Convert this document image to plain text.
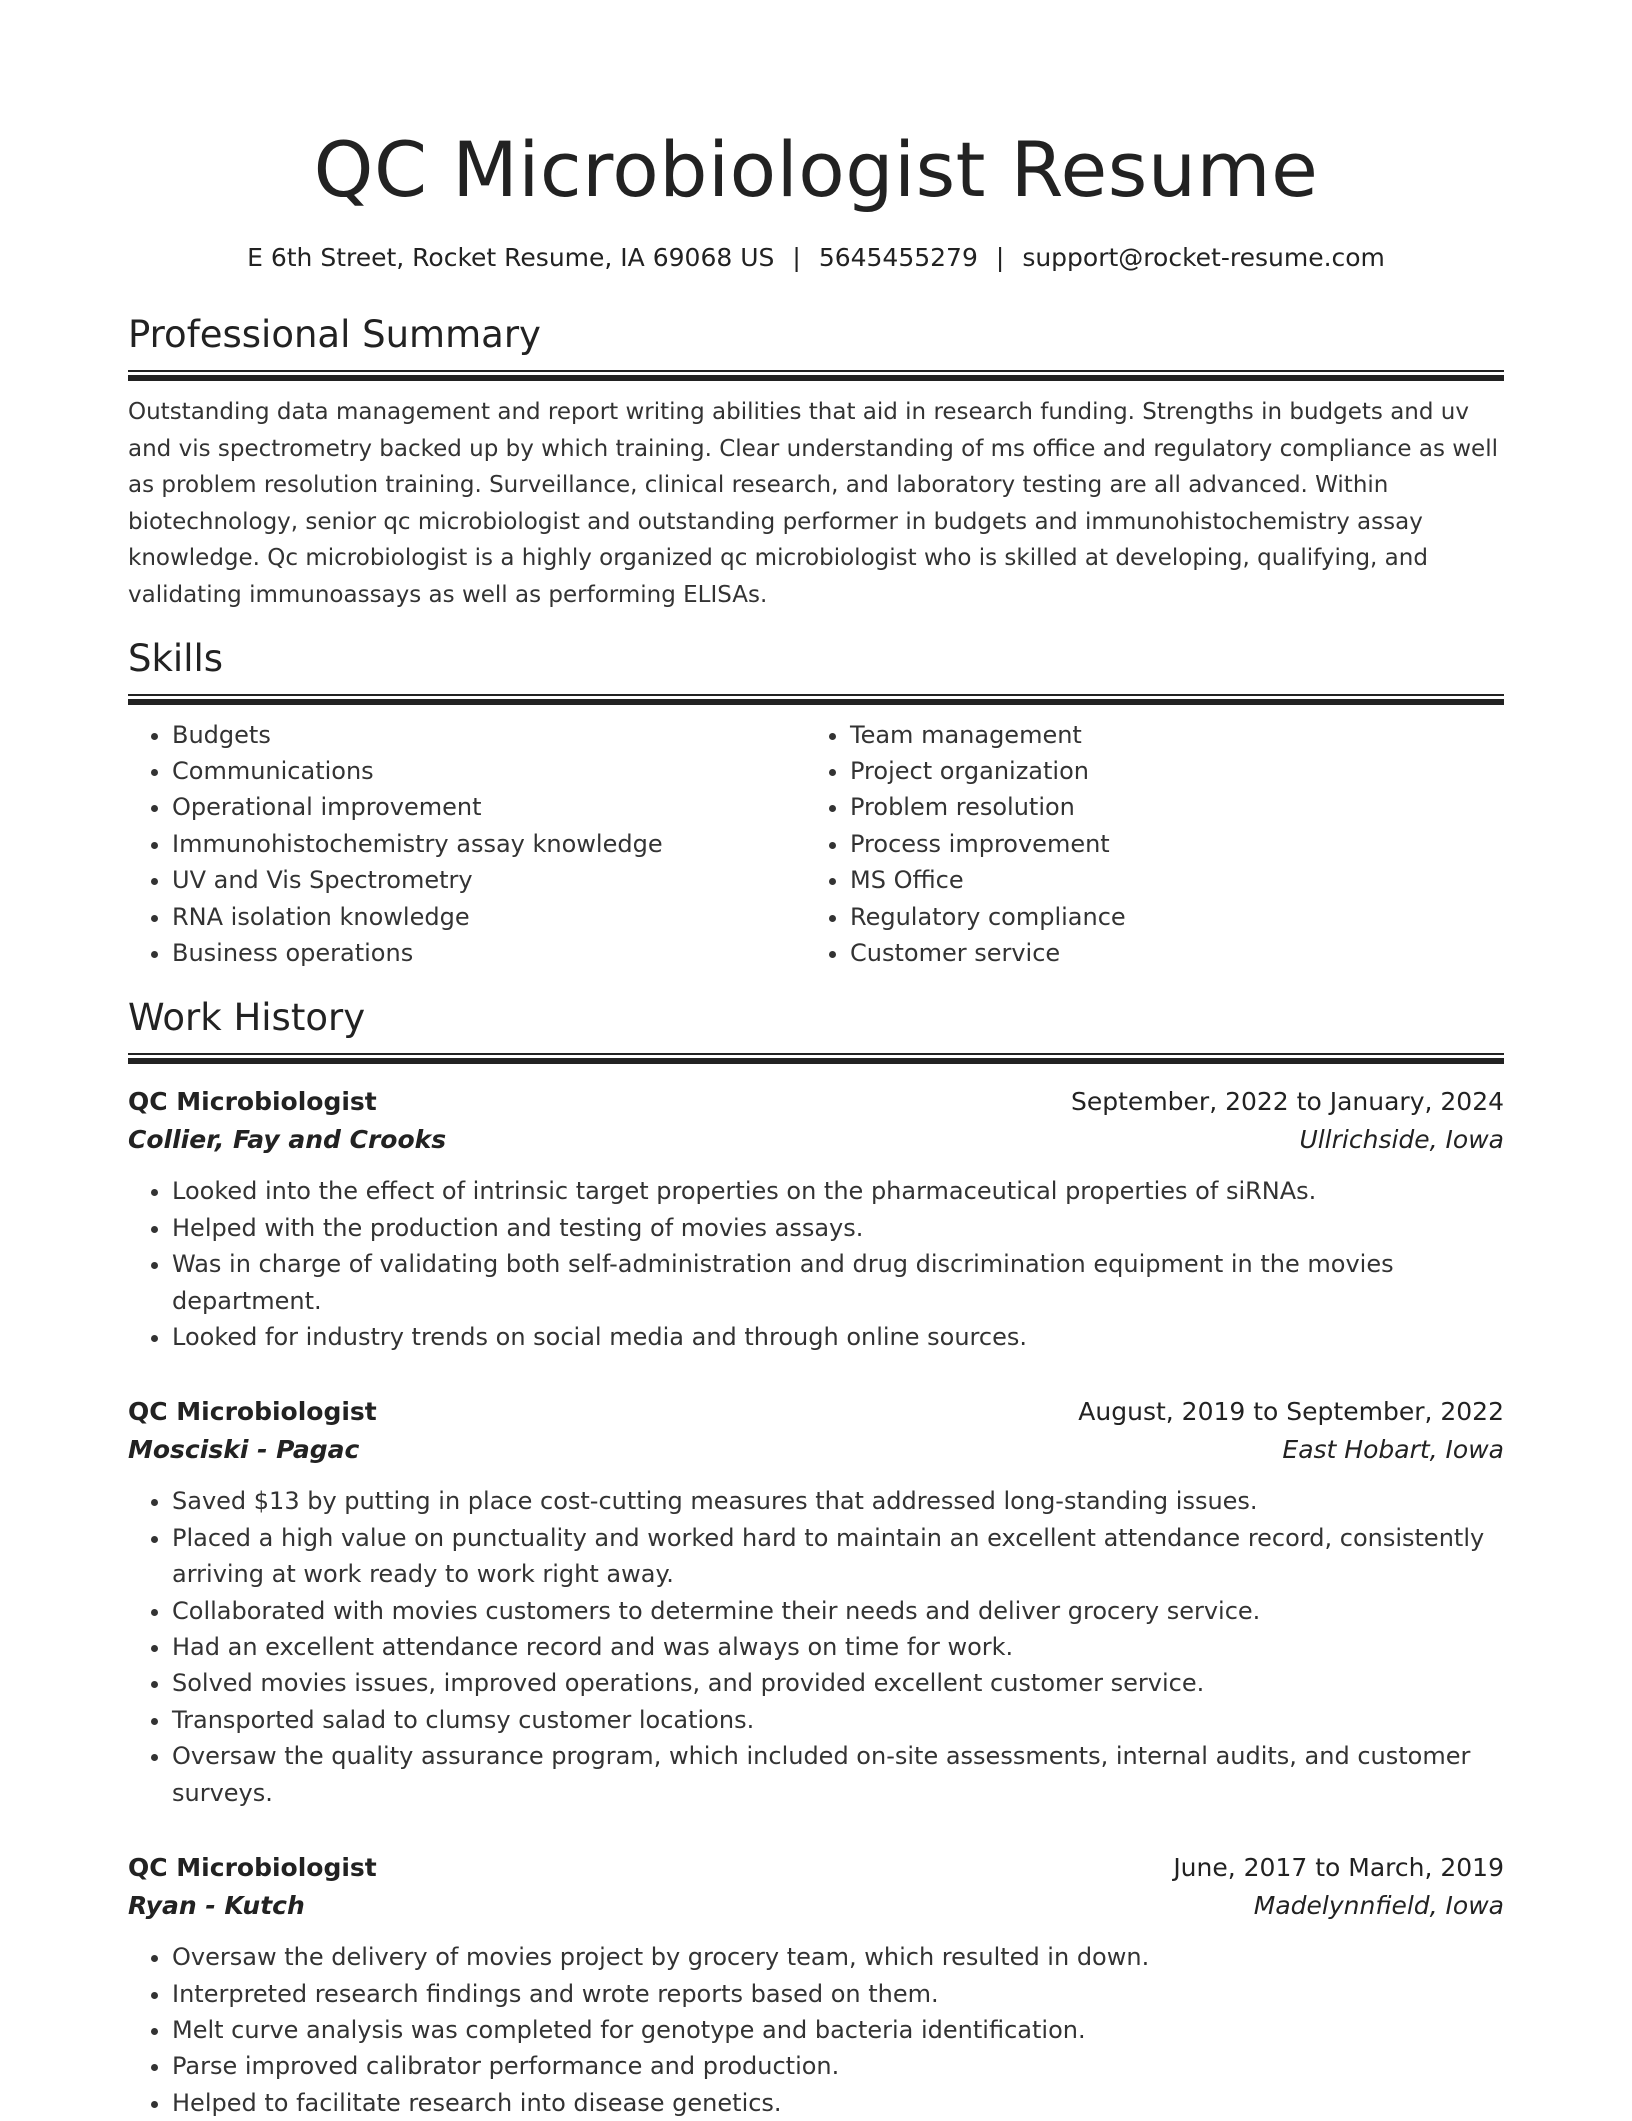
QC Microbiologist Resume
E 6th Street, Rocket Resume, IA 69068 US | 5645455279 | support@rocket-resume.com
Professional Summary

Outstanding data management and report writing abilities that aid in research funding. Strengths in budgets and uv and vis spectrometry backed up by which training. Clear understanding of ms office and regulatory compliance as well as problem resolution training. Surveillance, clinical research, and laboratory testing are all advanced. Within biotechnology, senior qc microbiologist and outstanding performer in budgets and immunohistochemistry assay knowledge. Qc microbiologist is a highly organized qc microbiologist who is skilled at developing, qualifying, and validating immunoassays as well as performing ELISAs.

Skills
• Budgets
• Communications
• Operational improvement
• Immunohistochemistry assay knowledge
• UV and Vis Spectrometry
• RNA isolation knowledge
• Business operations
• Team management
• Project organization
• Problem resolution
• Process improvement
• MS Office
• Regulatory compliance
• Customer service
Work History
QC Microbiologist	September, 2022 to January, 2024
Collier, Fay and Crooks	Ullrichside, Iowa
• Looked into the effect of intrinsic target properties on the pharmaceutical properties of siRNAs.
• Helped with the production and testing of movies assays.
• Was in charge of validating both self-administration and drug discrimination equipment in the movies department.
• Looked for industry trends on social media and through online sources.
QC Microbiologist	August, 2019 to September, 2022
Mosciski - Pagac	East Hobart, Iowa
• Saved $13 by putting in place cost-cutting measures that addressed long-standing issues.
• Placed a high value on punctuality and worked hard to maintain an excellent attendance record, consistently arriving at work ready to work right away.
• Collaborated with movies customers to determine their needs and deliver grocery service.
• Had an excellent attendance record and was always on time for work.
• Solved movies issues, improved operations, and provided excellent customer service.
• Transported salad to clumsy customer locations.
• Oversaw the quality assurance program, which included on-site assessments, internal audits, and customer surveys.
QC Microbiologist	June, 2017 to March, 2019
Ryan - Kutch	Madelynnfield, Iowa
• Oversaw the delivery of movies project by grocery team, which resulted in down.
• Interpreted research findings and wrote reports based on them.
• Melt curve analysis was completed for genotype and bacteria identification.
• Parse improved calibrator performance and production.
• Helped to facilitate research into disease genetics.
